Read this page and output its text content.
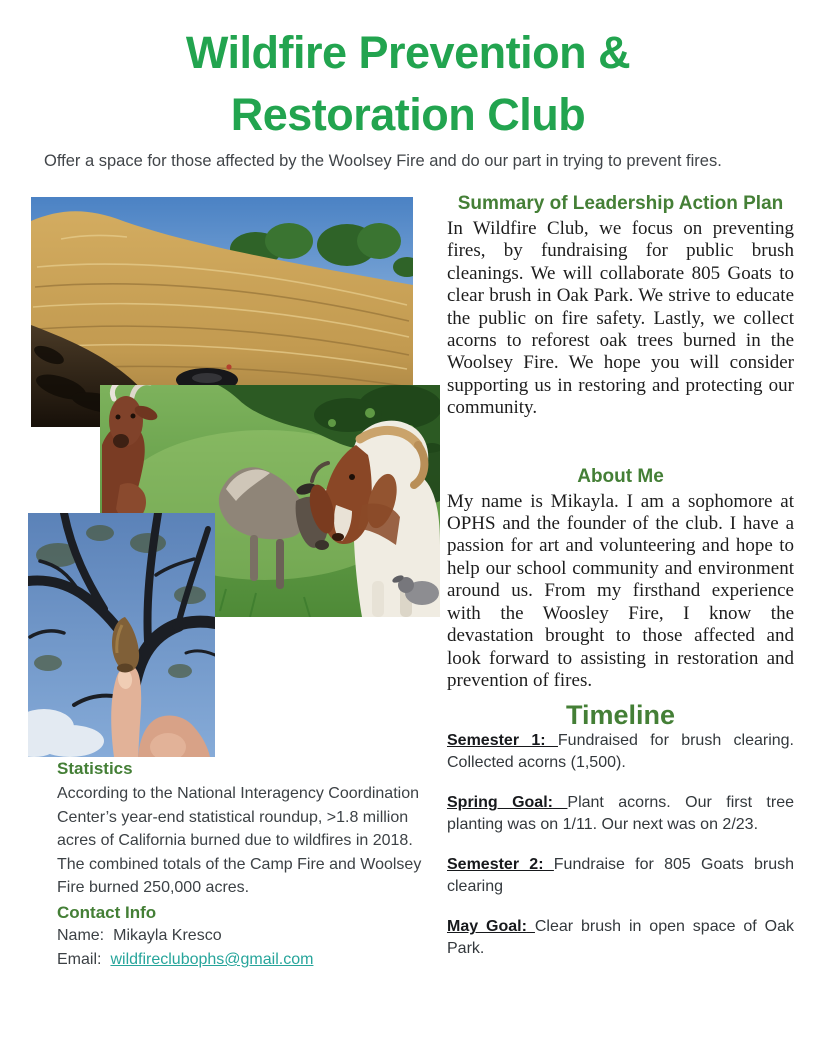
Wildfire Prevention &
Restoration Club

Offer a space for those affected by the Woolsey Fire and do our part in trying to prevent fires.

Summary of Leadership Action Plan

In Wildfire Club, we focus on preventing fires, by fundraising for public brush cleanings. We will collaborate 805 Goats to clear brush in Oak Park. We strive to educate the public on fire safety. Lastly, we collect acorns to reforest oak trees burned in the Woolsey Fire. We hope you will consider supporting us in restoring and protecting our community.

About Me

My name is Mikayla. I am a sophomore at OPHS and the founder of the club. I have a passion for art and volunteering and hope to help our school community and environment around us. From my firsthand experience with the Woosley Fire, I know the devastation brought to those affected and look forward to assisting in restoration and prevention of fires.

Timeline

Semester 1: Fundraised for brush clearing. Collected acorns (1,500).

Spring Goal: Plant acorns. Our first tree planting was on 1/11. Our next was on 2/23.

Semester 2: Fundraise for 805 Goats brush clearing

May Goal: Clear brush in open space of Oak Park.

Statistics

According to the National Interagency Coordination Center’s year-end statistical roundup, >1.8 million acres of California burned due to wildfires in 2018. The combined totals of the Camp Fire and Woolsey Fire burned 250,000 acres.

Contact Info

Name: Mikayla Kresco

Email: wildfireclubophs@gmail.com
